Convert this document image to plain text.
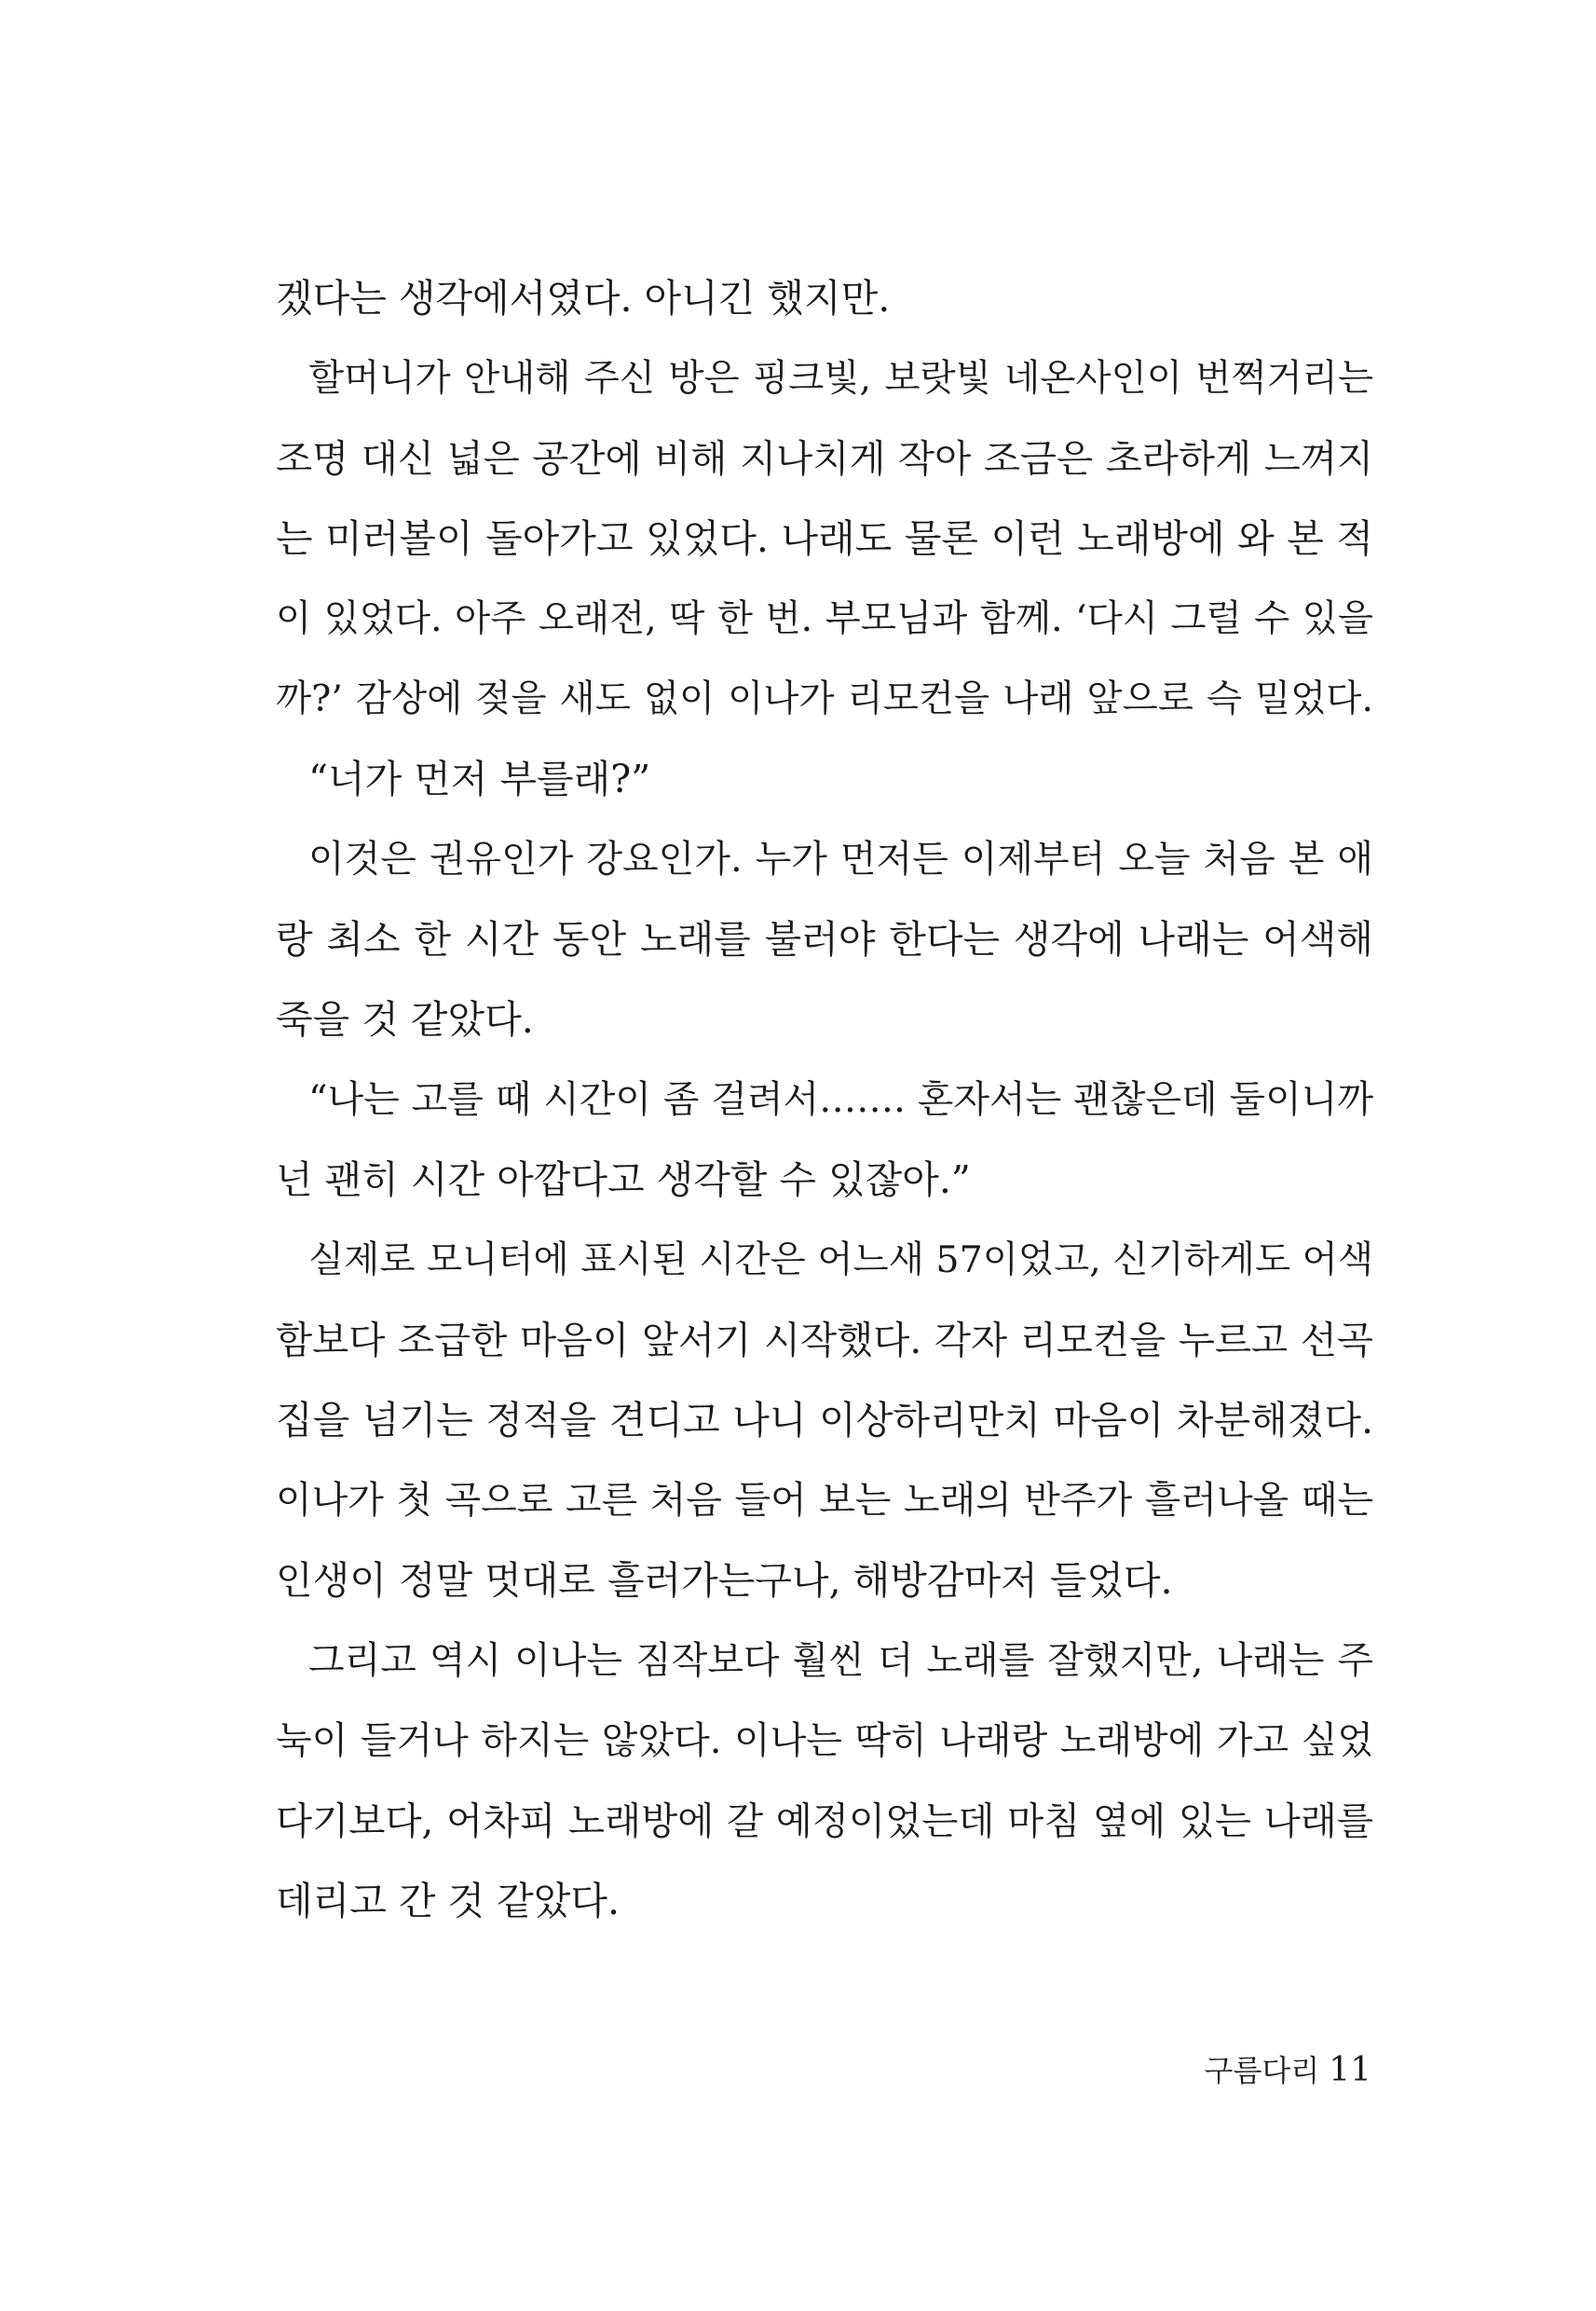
겠다는 생각에서였다. 아니긴 했지만.
할머니가 안내해 주신 방은 핑크빛, 보랏빛 네온사인이 번쩍거리는
조명 대신 넓은 공간에 비해 지나치게 작아 조금은 초라하게 느껴지
는 미러볼이 돌아가고 있었다. 나래도 물론 이런 노래방에 와 본 적
이 있었다. 아주 오래전, 딱 한 번. 부모님과 함께. ‘다시 그럴 수 있을
까?’ 감상에 젖을 새도 없이 이나가 리모컨을 나래 앞으로 슥 밀었다.
“너가 먼저 부를래?”
이것은 권유인가 강요인가. 누가 먼저든 이제부터 오늘 처음 본 애
랑 최소 한 시간 동안 노래를 불러야 한다는 생각에 나래는 어색해
죽을 것 같았다.
“나는 고를 때 시간이 좀 걸려서……. 혼자서는 괜찮은데 둘이니까
넌 괜히 시간 아깝다고 생각할 수 있잖아.”
실제로 모니터에 표시된 시간은 어느새 57이었고, 신기하게도 어색
함보다 조급한 마음이 앞서기 시작했다. 각자 리모컨을 누르고 선곡
집을 넘기는 정적을 견디고 나니 이상하리만치 마음이 차분해졌다.
이나가 첫 곡으로 고른 처음 들어 보는 노래의 반주가 흘러나올 때는
인생이 정말 멋대로 흘러가는구나, 해방감마저 들었다.
그리고 역시 이나는 짐작보다 훨씬 더 노래를 잘했지만, 나래는 주
눅이 들거나 하지는 않았다. 이나는 딱히 나래랑 노래방에 가고 싶었
다기보다, 어차피 노래방에 갈 예정이었는데 마침 옆에 있는 나래를
데리고 간 것 같았다.
구름다리 11
